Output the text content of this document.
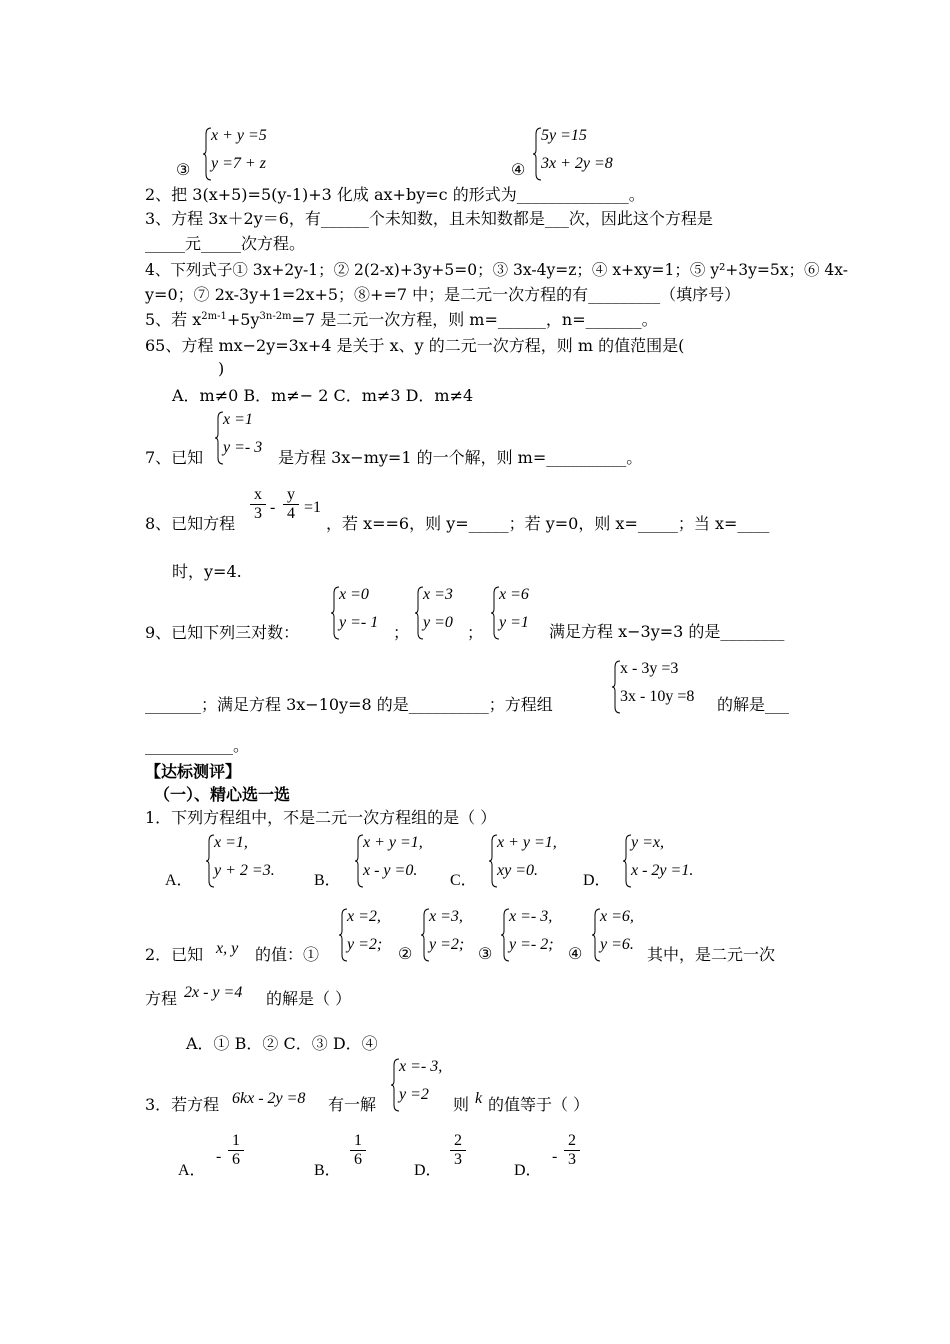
③
x + y =5
y =7 + z	④
5y =15
3x + 2y =8
2、把 3(x+5)=5(y-1)+3 化成 ax+by=c 的形式为______________。
3、方程 3x＋2y＝6，有______个未知数，且未知数都是___次，因此这个方程是
_____元_____次方程。
4、下列式子① 3x+2y-1；② 2(2-x)+3y+5=0；③ 3x-4y=z；④ x+xy=1；⑤ y²+3y=5x；⑥ 4x-
y=0；⑦ 2x-3y+1=2x+5；⑧+=7 中；是二元一次方程的有_________（填序号）
5、若 $x^{2m-1}+5y^{3n-2m}=7$ 是二元一次方程，则 m=______，n=_______。
65、方程 mx−2y=3x+4 是关于 x、y 的二元一次方程，则 m 的值范围是(
)
A．m≠0 B．m≠− 2 C．m≠3 D．m≠4
x =1
y =- 3
7、已知	是方程 3x−my=1 的一个解，则 m=__________。
8、已知方程
x
3 -
y
4 =1
，若 x==6，则 y=_____；若 y=0，则 x=_____；当 x=____
时，y=4.
9、已知下列三对数：
x =0
y =- 1
；
x =3
y =0
；
x =6
y =1 满足方程 x−3y=3 的是________
_______；满足方程 3x−10y=8 的是__________；方程组
x - 3y =3
3x - 10y =8 的解是___
___________。
【达标测评】
（一）、精心选一选
1．下列方程组中，不是二元一次方程组的是（ ）
A．
x =1,
y + 2 =3.
B．
x + y =1,
x - y =0.
C．
x + y =1,
xy =0.
D．
y =x,
x - 2y =1.
2．已知 x, y 的值：①
x =2,
y =2;
②
x =3,
y =2;
③
x =- 3,
y =- 2;
④
x =6,
y =6.
其中，是二元一次
方程 2x - y =4 的解是（ ）
A．① B．② C．③ D．④
3．若方程 6kx - 2y =8 有一解
x =- 3,
y =2
则 k 的值等于（ ）
A．
-
1
6
B．
1
6
D．
2
3
D．
-
2
3
